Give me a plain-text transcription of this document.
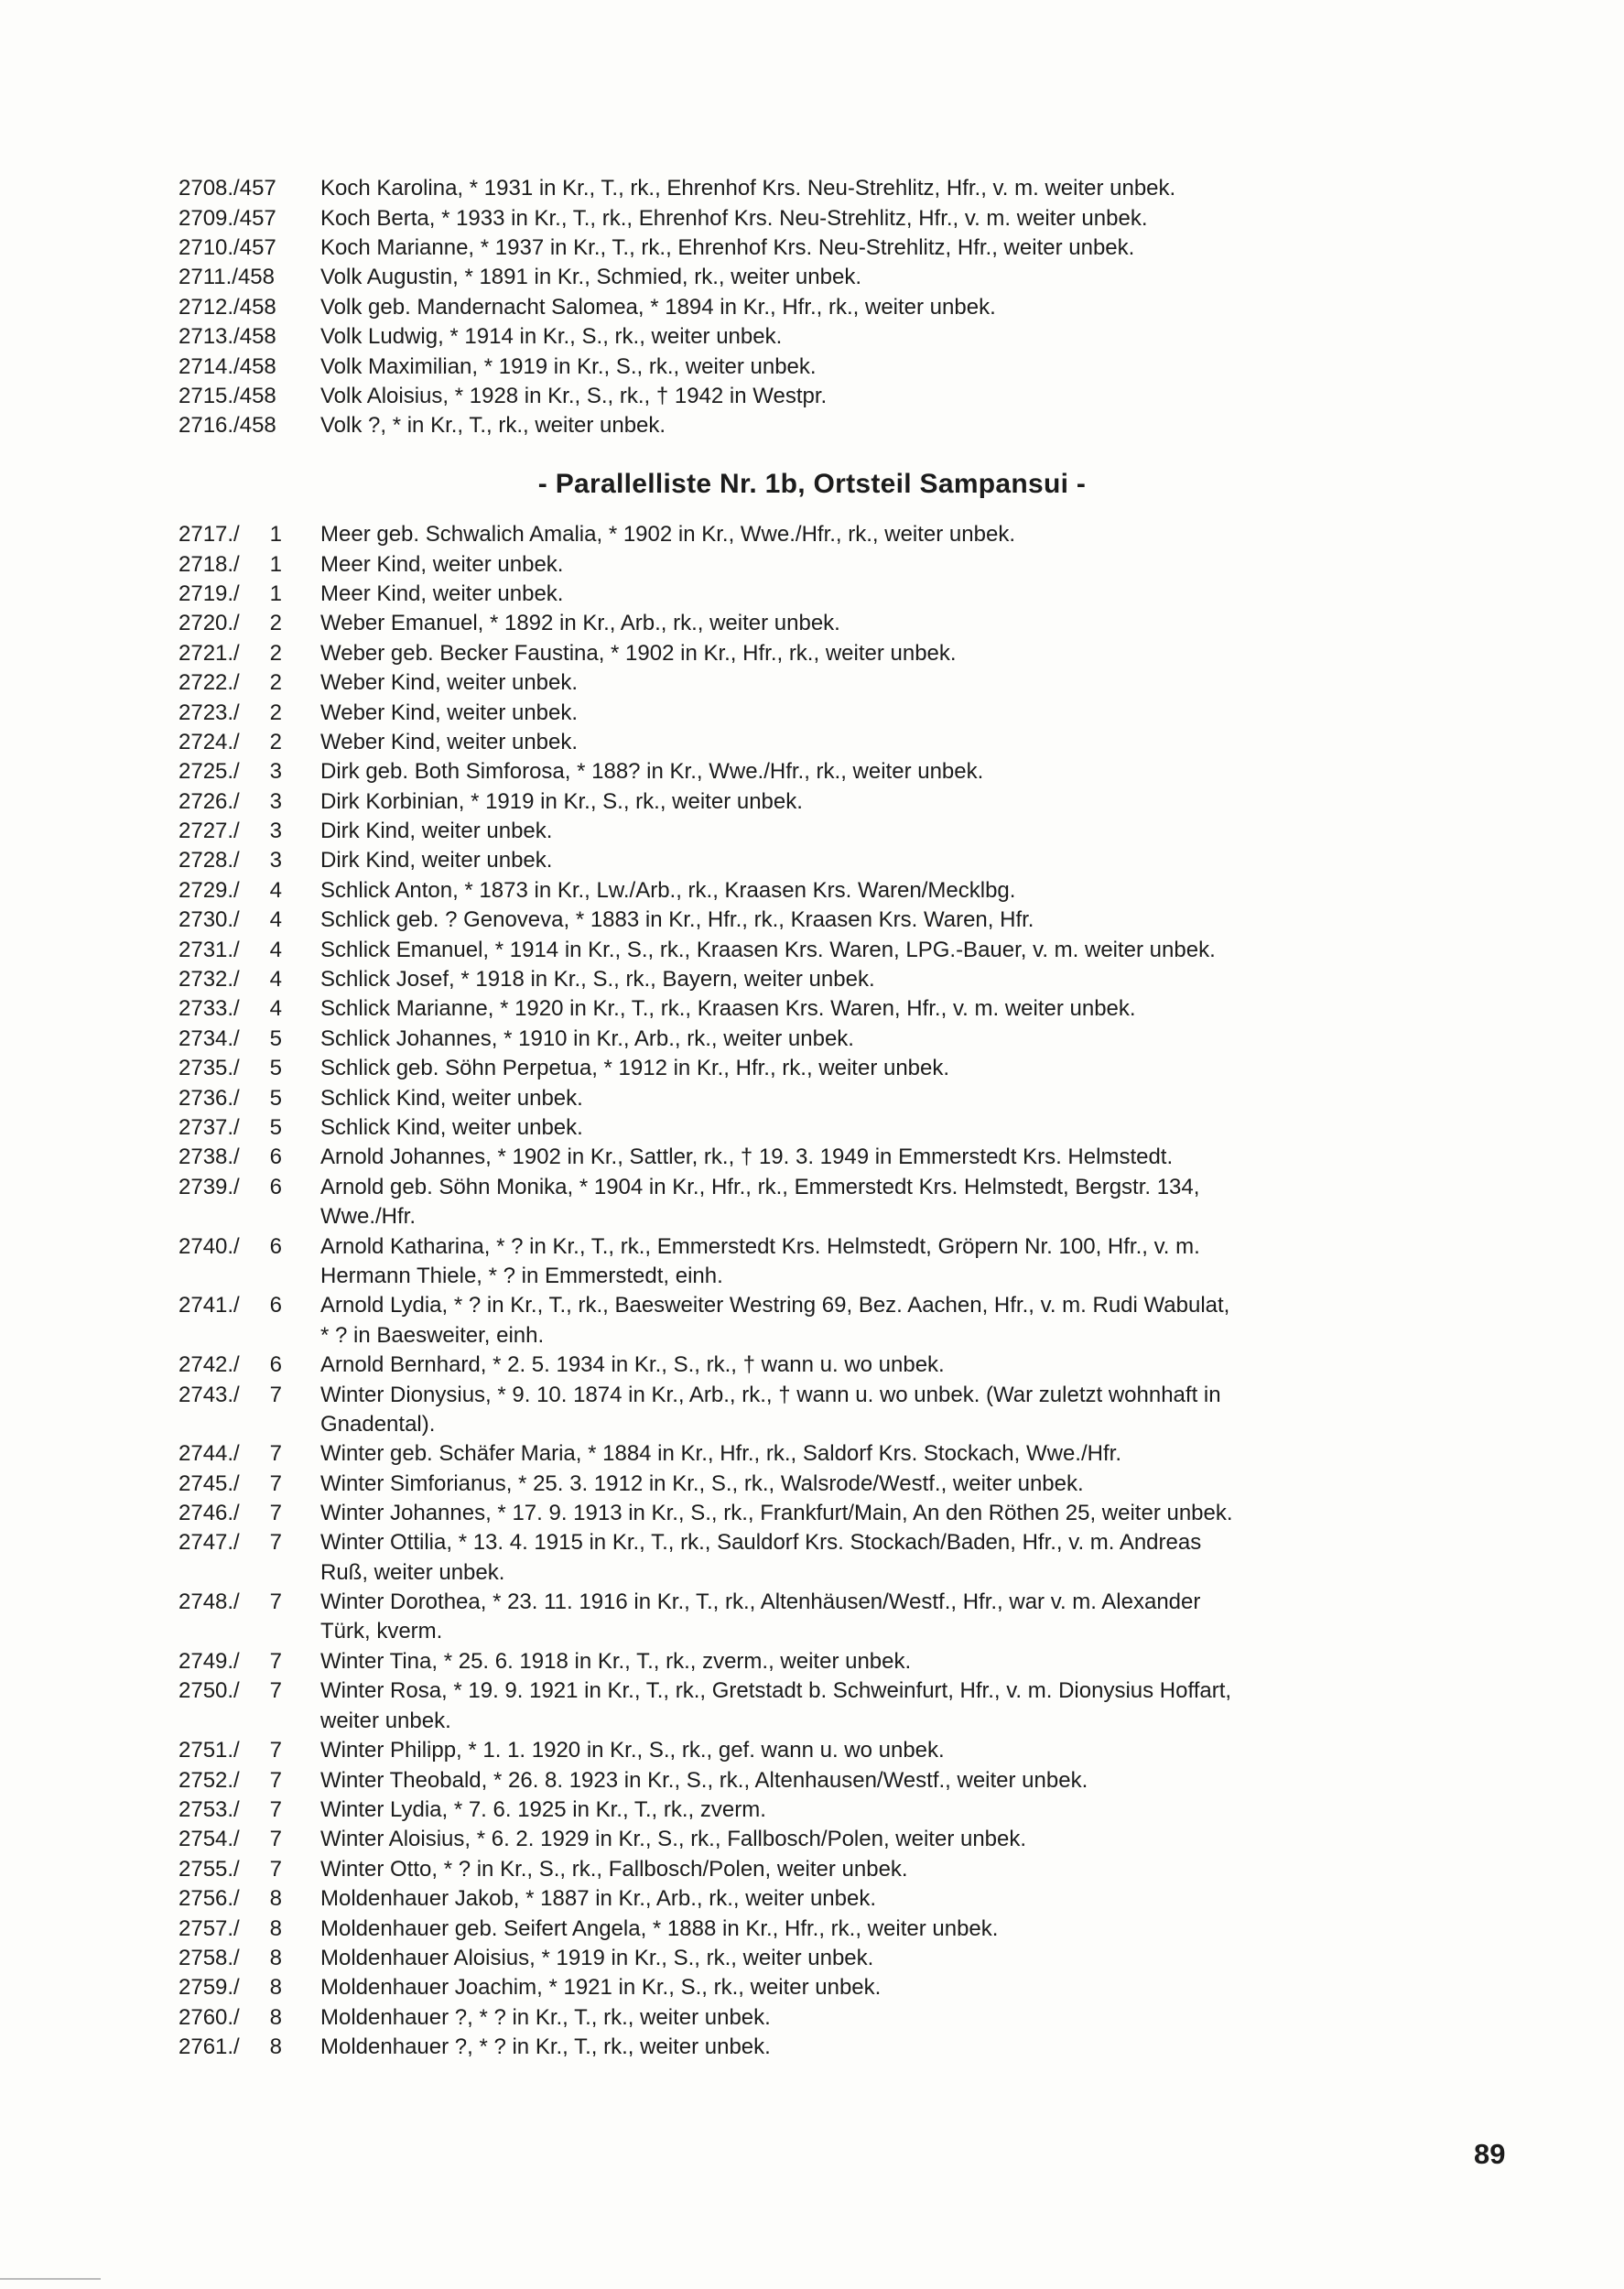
2708./457 Koch Karolina, * 1931 in Kr., T., rk., Ehrenhof Krs. Neu-Strehlitz, Hfr., v. m. weiter unbek.
2709./457 Koch Berta, * 1933 in Kr., T., rk., Ehrenhof Krs. Neu-Strehlitz, Hfr., v. m. weiter unbek.
2710./457 Koch Marianne, * 1937 in Kr., T., rk., Ehrenhof Krs. Neu-Strehlitz, Hfr., weiter unbek.
2711./458 Volk Augustin, * 1891 in Kr., Schmied, rk., weiter unbek.
2712./458 Volk geb. Mandernacht Salomea, * 1894 in Kr., Hfr., rk., weiter unbek.
2713./458 Volk Ludwig, * 1914 in Kr., S., rk., weiter unbek.
2714./458 Volk Maximilian, * 1919 in Kr., S., rk., weiter unbek.
2715./458 Volk Aloisius, * 1928 in Kr., S., rk., † 1942 in Westpr.
2716./458 Volk ?, * in Kr., T., rk., weiter unbek.
- Parallelliste Nr. 1b, Ortsteil Sampansui -
2717./	1 Meer geb. Schwalich Amalia, * 1902 in Kr., Wwe./Hfr., rk., weiter unbek.
2718./	1 Meer Kind, weiter unbek.
2719./	1 Meer Kind, weiter unbek.
2720./	2 Weber Emanuel, * 1892 in Kr., Arb., rk., weiter unbek.
2721./	2 Weber geb. Becker Faustina, * 1902 in Kr., Hfr., rk., weiter unbek.
2722./	2 Weber Kind, weiter unbek.
2723./	2 Weber Kind, weiter unbek.
2724./	2 Weber Kind, weiter unbek.
2725./	3 Dirk geb. Both Simforosa, * 188? in Kr., Wwe./Hfr., rk., weiter unbek.
2726./	3 Dirk Korbinian, * 1919 in Kr., S., rk., weiter unbek.
2727./	3 Dirk Kind, weiter unbek.
2728./	3 Dirk Kind, weiter unbek.
2729./	4 Schlick Anton, * 1873 in Kr., Lw./Arb., rk., Kraasen Krs. Waren/Mecklbg.
2730./	4 Schlick geb. ? Genoveva, * 1883 in Kr., Hfr., rk., Kraasen Krs. Waren, Hfr.
2731./	4 Schlick Emanuel, * 1914 in Kr., S., rk., Kraasen Krs. Waren, LPG.-Bauer, v. m. weiter unbek.
2732./	4 Schlick Josef, * 1918 in Kr., S., rk., Bayern, weiter unbek.
2733./	4 Schlick Marianne, * 1920 in Kr., T., rk., Kraasen Krs. Waren, Hfr., v. m. weiter unbek.
2734./	5 Schlick Johannes, * 1910 in Kr., Arb., rk., weiter unbek.
2735./	5 Schlick geb. Söhn Perpetua, * 1912 in Kr., Hfr., rk., weiter unbek.
2736./	5 Schlick Kind, weiter unbek.
2737./	5 Schlick Kind, weiter unbek.
2738./	6 Arnold Johannes, * 1902 in Kr., Sattler, rk., † 19. 3. 1949 in Emmerstedt Krs. Helmstedt.
2739./	6 Arnold geb. Söhn Monika, * 1904 in Kr., Hfr., rk., Emmerstedt Krs. Helmstedt, Bergstr. 134,
Wwe./Hfr.
2740./	6 Arnold Katharina, * ? in Kr., T., rk., Emmerstedt Krs. Helmstedt, Gröpern Nr. 100, Hfr., v. m.
Hermann Thiele, * ? in Emmerstedt, einh.
2741./	6 Arnold Lydia, * ? in Kr., T., rk., Baesweiter Westring 69, Bez. Aachen, Hfr., v. m. Rudi Wabulat,
* ? in Baesweiter, einh.
2742./	6 Arnold Bernhard, * 2. 5. 1934 in Kr., S., rk., † wann u. wo unbek.
2743./	7 Winter Dionysius, * 9. 10. 1874 in Kr., Arb., rk., † wann u. wo unbek. (War zuletzt wohnhaft in
Gnadental).
2744./	7 Winter geb. Schäfer Maria, * 1884 in Kr., Hfr., rk., Saldorf Krs. Stockach, Wwe./Hfr.
2745./	7 Winter Simforianus, * 25. 3. 1912 in Kr., S., rk., Walsrode/Westf., weiter unbek.
2746./	7 Winter Johannes, * 17. 9. 1913 in Kr., S., rk., Frankfurt/Main, An den Röthen 25, weiter unbek.
2747./	7 Winter Ottilia, * 13. 4. 1915 in Kr., T., rk., Sauldorf Krs. Stockach/Baden, Hfr., v. m. Andreas
Ruß, weiter unbek.
2748./	7 Winter Dorothea, * 23. 11. 1916 in Kr., T., rk., Altenhäusen/Westf., Hfr., war v. m. Alexander
Türk, kverm.
2749./	7 Winter Tina, * 25. 6. 1918 in Kr., T., rk., zverm., weiter unbek.
2750./	7 Winter Rosa, * 19. 9. 1921 in Kr., T., rk., Gretstadt b. Schweinfurt, Hfr., v. m. Dionysius Hoffart,
weiter unbek.
2751./	7 Winter Philipp, * 1. 1. 1920 in Kr., S., rk., gef. wann u. wo unbek.
2752./	7 Winter Theobald, * 26. 8. 1923 in Kr., S., rk., Altenhausen/Westf., weiter unbek.
2753./	7 Winter Lydia, * 7. 6. 1925 in Kr., T., rk., zverm.
2754./	7 Winter Aloisius, * 6. 2. 1929 in Kr., S., rk., Fallbosch/Polen, weiter unbek.
2755./	7 Winter Otto, * ? in Kr., S., rk., Fallbosch/Polen, weiter unbek.
2756./	8 Moldenhauer Jakob, * 1887 in Kr., Arb., rk., weiter unbek.
2757./	8 Moldenhauer geb. Seifert Angela, * 1888 in Kr., Hfr., rk., weiter unbek.
2758./	8 Moldenhauer Aloisius, * 1919 in Kr., S., rk., weiter unbek.
2759./	8 Moldenhauer Joachim, * 1921 in Kr., S., rk., weiter unbek.
2760./	8 Moldenhauer ?, * ? in Kr., T., rk., weiter unbek.
2761./	8 Moldenhauer ?, * ? in Kr., T., rk., weiter unbek.
89
